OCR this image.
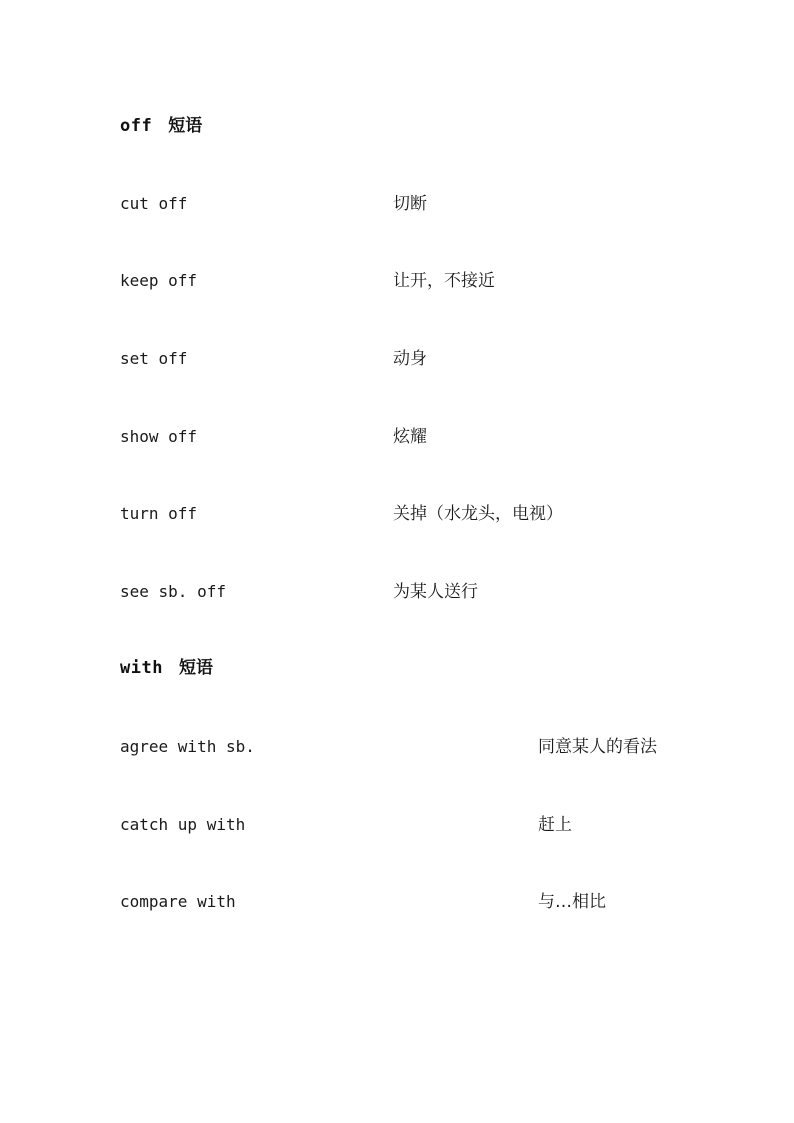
off 短语
cut off	切断
keep off	让开，不接近
set off	动身
show off	炫耀
turn off	关掉（水龙头，电视）
see sb. off	为某人送行
with 短语
agree with sb.	同意某人的看法
catch up with	赶上
compare with	与…相比
